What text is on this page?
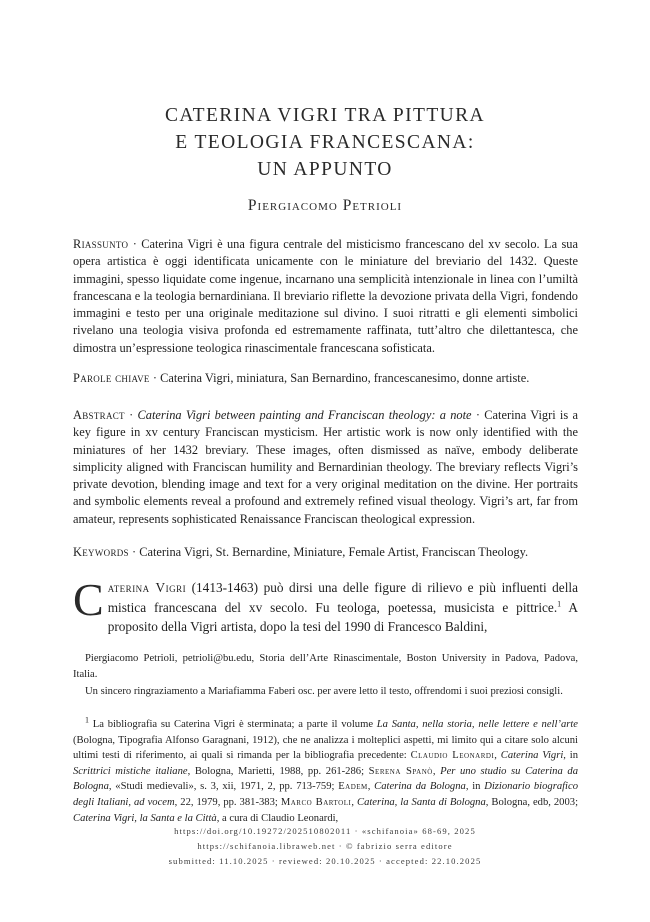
CATERINA VIGRI TRA PITTURA
E TEOLOGIA FRANCESCANA:
UN APPUNTO
Piergiacomo Petrioli

Riassunto · Caterina Vigri è una figura centrale del misticismo francescano del xv secolo. La sua opera artistica è oggi identificata unicamente con le miniature del breviario del 1432. Queste immagini, spesso liquidate come ingenue, incarnano una semplicità intenzionale in linea con l’umiltà francescana e la teologia bernardiniana. Il breviario riflette la devozione privata della Vigri, fondendo immagini e testo per una originale meditazione sul divino. I suoi ritratti e gli elementi simbolici rivelano una teologia visiva profonda ed estremamente raffinata, tutt’altro che dilettantesca, che dimostra un’espressione teologica rinascimentale francescana sofisticata.

Parole chiave · Caterina Vigri, miniatura, San Bernardino, francescanesimo, donne artiste.

Abstract · Caterina Vigri between painting and Franciscan theology: a note · Caterina Vigri is a key figure in xv century Franciscan mysticism. Her artistic work is now only identified with the miniatures of her 1432 breviary. These images, often dismissed as naïve, embody deliberate simplicity aligned with Franciscan humility and Bernardinian theology. The breviary reflects Vigri’s private devotion, blending image and text for a very original meditation on the divine. Her portraits and symbolic elements reveal a profound and extremely refined visual theology. Vigri’s art, far from amateur, represents sophisticated Renaissance Franciscan theological expression.

Keywords · Caterina Vigri, St. Bernardine, Miniature, Female Artist, Franciscan Theology.

Caterina Vigri (1413-1463) può dirsi una delle figure di rilievo e più influenti della mistica francescana del xv secolo. Fu teologa, poetessa, musicista e pittrice.$^1$ A proposito della Vigri artista, dopo la tesi del 1990 di Francesco Baldini,

Piergiacomo Petrioli, petrioli@bu.edu, Storia dell’Arte Rinascimentale, Boston University in Padova, Padova, Italia.

Un sincero ringraziamento a Mariafiamma Faberi osc. per avere letto il testo, offrendomi i suoi preziosi consigli.

$^1$ La bibliografia su Caterina Vigri è sterminata; a parte il volume La Santa, nella storia, nelle lettere e nell’arte (Bologna, Tipografia Alfonso Garagnani, 1912), che ne analizza i molteplici aspetti, mi limito qui a citare solo alcuni ultimi testi di riferimento, ai quali si rimanda per la bibliografia precedente: Claudio Leonardi, Caterina Vigri, in Scrittrici mistiche italiane, Bologna, Marietti, 1988, pp. 261-286; Serena Spanò, Per uno studio su Caterina da Bologna, «Studi medievali», s. 3, xii, 1971, 2, pp. 713-759; Eadem, Caterina da Bologna, in Dizionario biografico degli Italiani, ad vocem, 22, 1979, pp. 381-383; Marco Bartoli, Caterina, la Santa di Bologna, Bologna, edb, 2003; Caterina Vigri, la Santa e la Città, a cura di Claudio Leonardi,

https://doi.org/10.19272/202510802011 · «schifanoia» 68-69, 2025
https://schifanoia.libraweb.net · © fabrizio serra editore
submitted: 11.10.2025 · reviewed: 20.10.2025 · accepted: 22.10.2025
